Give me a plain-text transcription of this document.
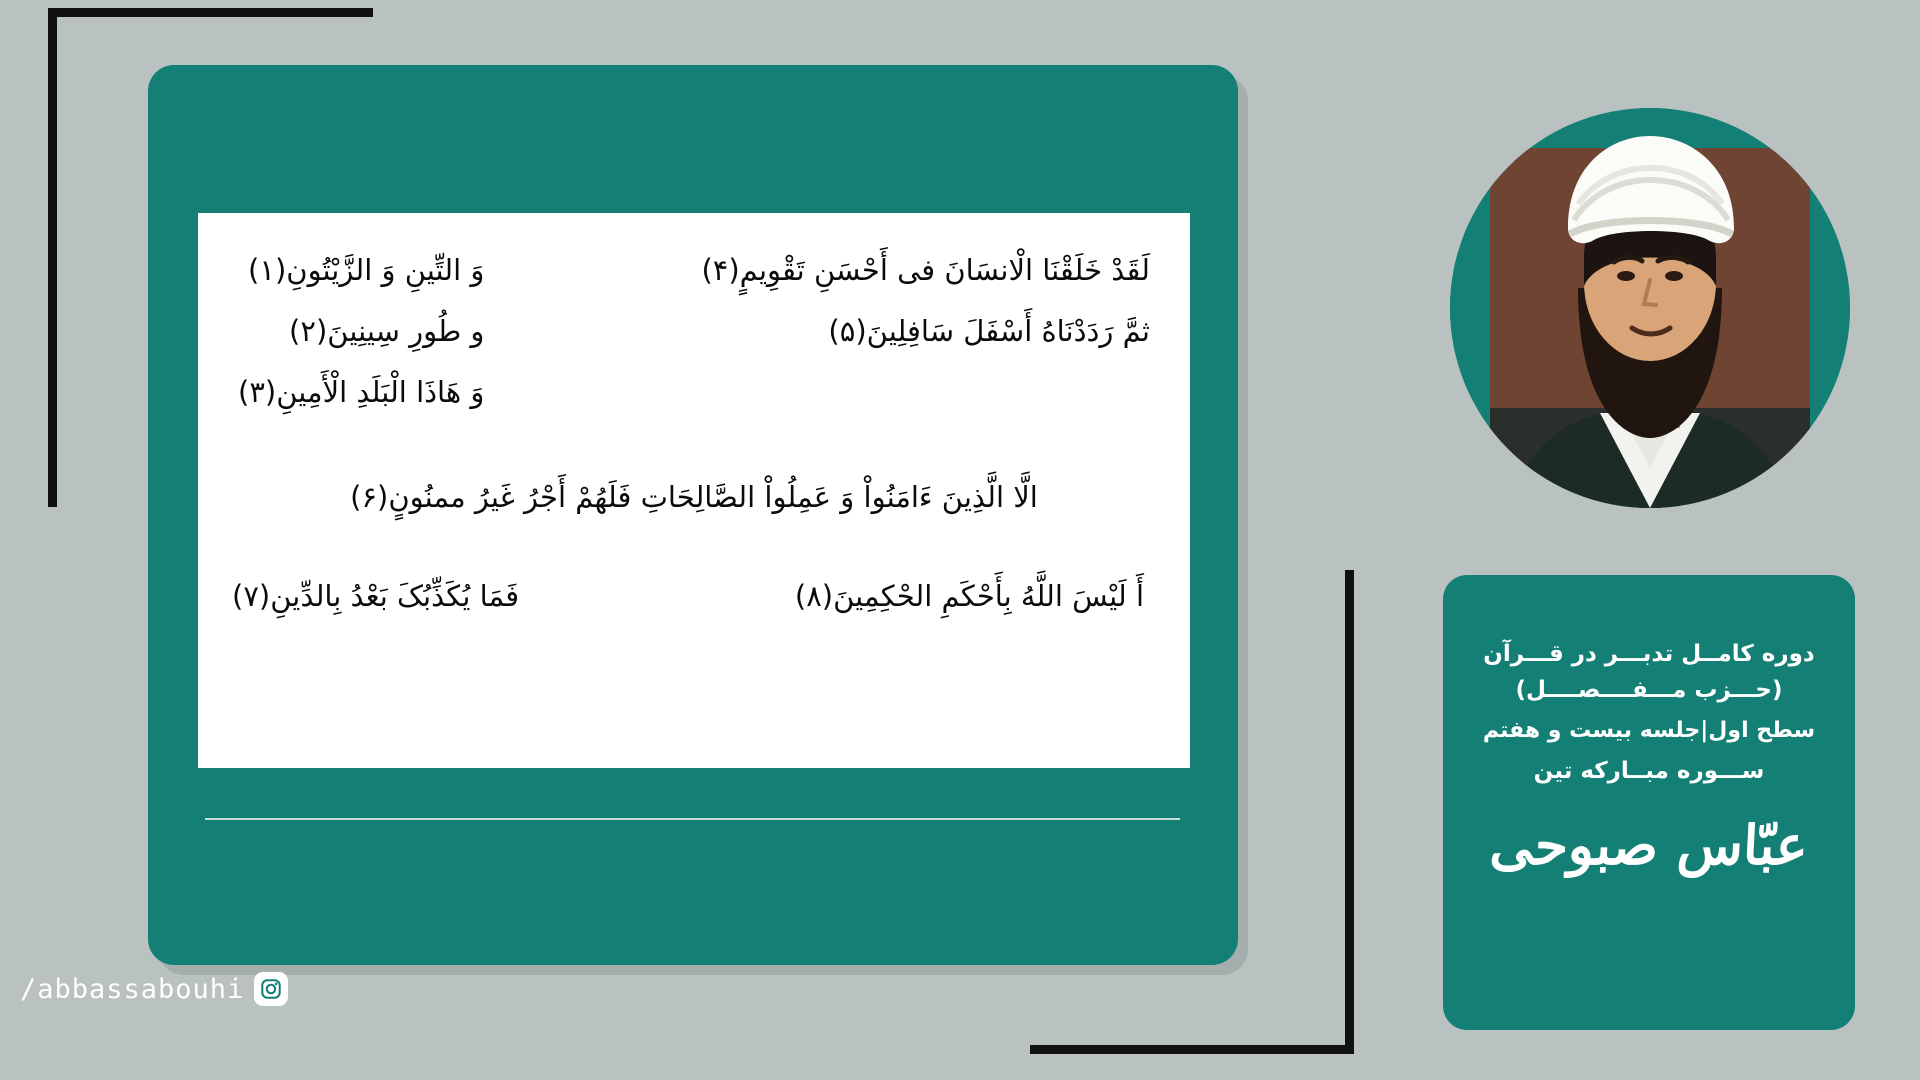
لَقَدْ خَلَقْنَا الْانسَانَ فى أَحْسَنِ تَقْوِيمٍ(۴)
ثمَّ رَدَدْنَاهُ أَسْفَلَ سَافِلِينَ(۵)
وَ التِّينِ وَ الزَّيْتُونِ(۱)
و طُورِ سِينِينَ(۲)
وَ هَاذَا الْبَلَدِ الْأَمِينِ(۳)
الَّا الَّذِينَ ءَامَنُواْ وَ عَمِلُواْ الصَّالِحَاتِ فَلَهُمْ أَجْرُ غَيرُ ممنُونٍ(۶)
أَ لَيْسَ اللَّهُ بِأَحْكَمِ الحْكِمِينَ(۸)
فَمَا يُكَذِّبُکَ بَعْدُ بِالدِّينِ(۷)
دوره کامــل تدبـــر در قـــرآن
(حـــزب مـــفــــصــــل)
سطح اول|جلسه بیست و هفتم
ســـوره مبــارکه تین
عبّاس صبوحی
/abbassabouhi
